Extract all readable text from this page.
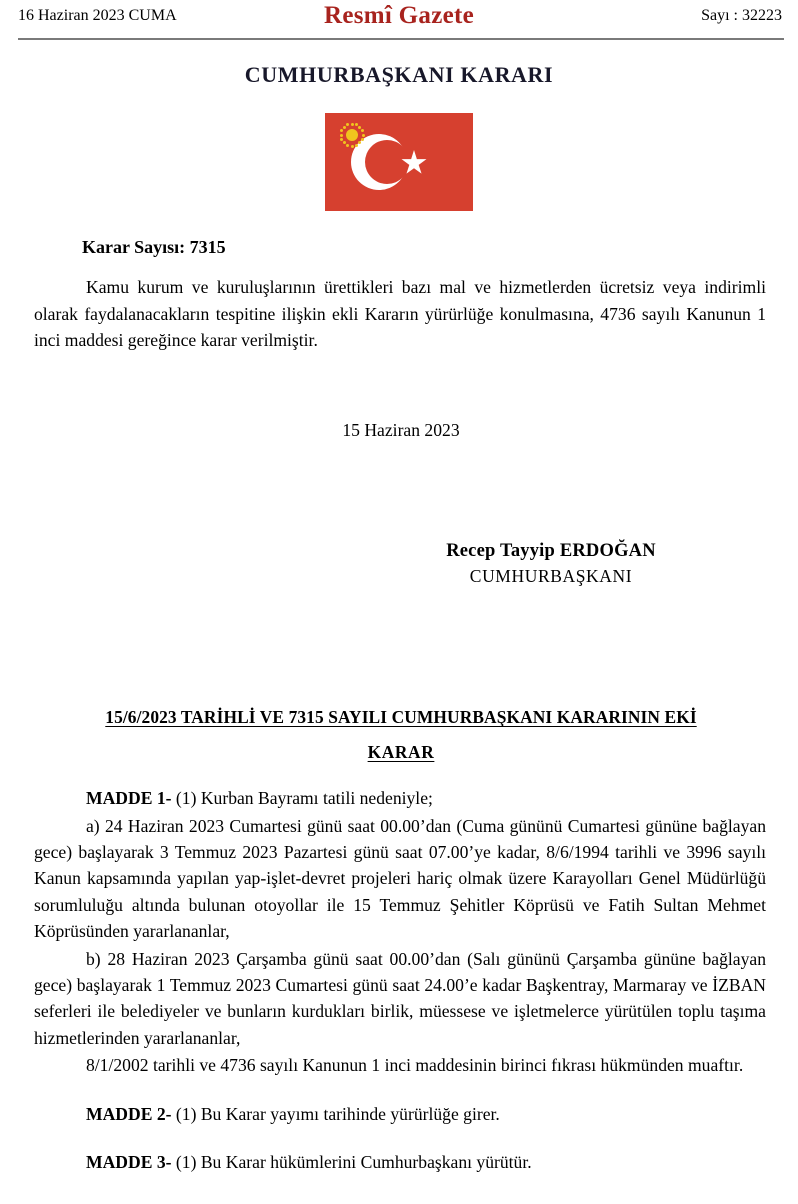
16 Haziran 2023 CUMA	Sayı : 32223
Resmî Gazete
CUMHURBAŞKANI KARARI
Karar Sayısı: 7315
Kamu kurum ve kuruluşlarının ürettikleri bazı mal ve hizmetlerden ücretsiz veya indirimli olarak faydalanacakların tespitine ilişkin ekli Kararın yürürlüğe konulmasına, 4736 sayılı Kanunun 1 inci maddesi gereğince karar verilmiştir.
15 Haziran 2023
Recep Tayyip ERDOĞAN
CUMHURBAŞKANI
15/6/2023 TARİHLİ VE 7315 SAYILI CUMHURBAŞKANI KARARININ EKİ
KARAR
MADDE 1- (1) Kurban Bayramı tatili nedeniyle;
a) 24 Haziran 2023 Cumartesi günü saat 00.00’dan (Cuma gününü Cumartesi gününe bağlayan gece) başlayarak 3 Temmuz 2023 Pazartesi günü saat 07.00’ye kadar, 8/6/1994 tarihli ve 3996 sayılı Kanun kapsamında yapılan yap-işlet-devret projeleri hariç olmak üzere Karayolları Genel Müdürlüğü sorumluluğu altında bulunan otoyollar ile 15 Temmuz Şehitler Köprüsü ve Fatih Sultan Mehmet Köprüsünden yararlananlar,
b) 28 Haziran 2023 Çarşamba günü saat 00.00’dan (Salı gününü Çarşamba gününe bağlayan gece) başlayarak 1 Temmuz 2023 Cumartesi günü saat 24.00’e kadar Başkentray, Marmaray ve İZBAN seferleri ile belediyeler ve bunların kurdukları birlik, müessese ve işletmelerce yürütülen toplu taşıma hizmetlerinden yararlananlar,
8/1/2002 tarihli ve 4736 sayılı Kanunun 1 inci maddesinin birinci fıkrası hükmünden muaftır.
MADDE 2- (1) Bu Karar yayımı tarihinde yürürlüğe girer.
MADDE 3- (1) Bu Karar hükümlerini Cumhurbaşkanı yürütür.
